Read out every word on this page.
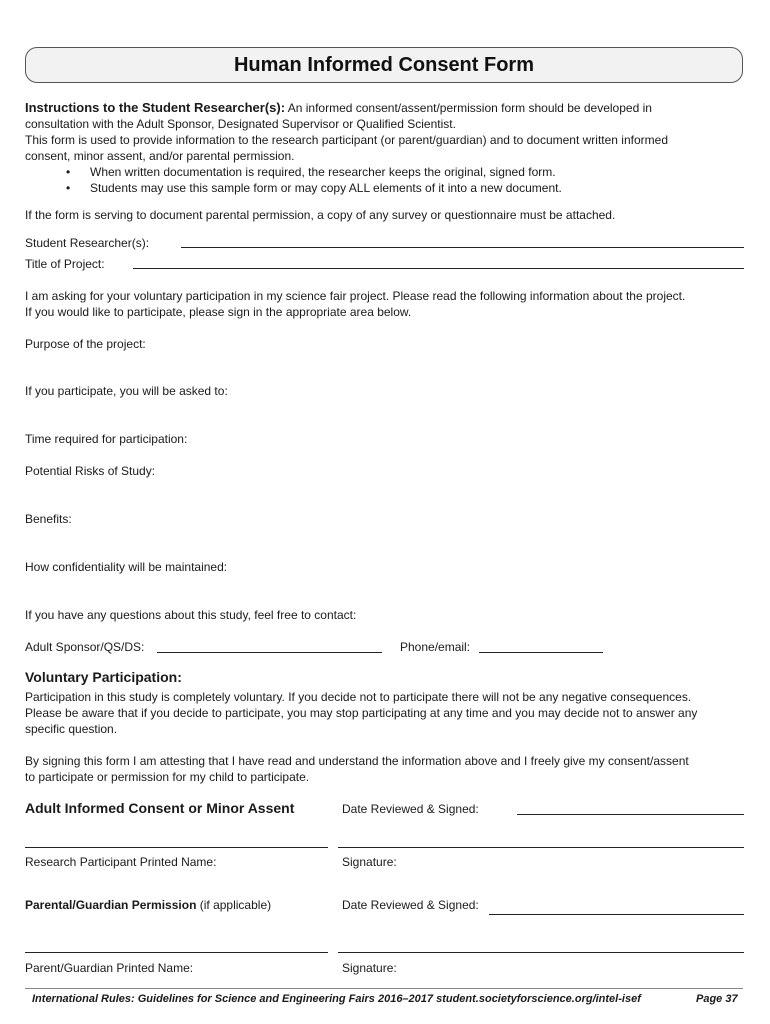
Human Informed Consent Form
Instructions to the Student Researcher(s): An informed consent/assent/permission form should be developed in
consultation with the Adult Sponsor, Designated Supervisor or Qualified Scientist.
This form is used to provide information to the research participant (or parent/guardian) and to document written informed
consent, minor assent, and/or parental permission.
• When written documentation is required, the researcher keeps the original, signed form.
• Students may use this sample form or may copy ALL elements of it into a new document.
If the form is serving to document parental permission, a copy of any survey or questionnaire must be attached.
Student Researcher(s):
Title of Project:
I am asking for your voluntary participation in my science fair project. Please read the following information about the project.
If you would like to participate, please sign in the appropriate area below.
Purpose of the project:
If you participate, you will be asked to:
Time required for participation:
Potential Risks of Study:
Benefits:
How confidentiality will be maintained:
If you have any questions about this study, feel free to contact:
Adult Sponsor/QS/DS:	Phone/email:
Voluntary Participation:
Participation in this study is completely voluntary. If you decide not to participate there will not be any negative consequences.
Please be aware that if you decide to participate, you may stop participating at any time and you may decide not to answer any
specific question.
By signing this form I am attesting that I have read and understand the information above and I freely give my consent/assent
to participate or permission for my child to participate.
Adult Informed Consent or Minor Assent	Date Reviewed & Signed:
Research Participant Printed Name:	Signature:
Parental/Guardian Permission (if applicable)	Date Reviewed & Signed:
Parent/Guardian Printed Name:	Signature:
International Rules: Guidelines for Science and Engineering Fairs 2016–2017 student.societyforscience.org/intel-isef	Page 37
